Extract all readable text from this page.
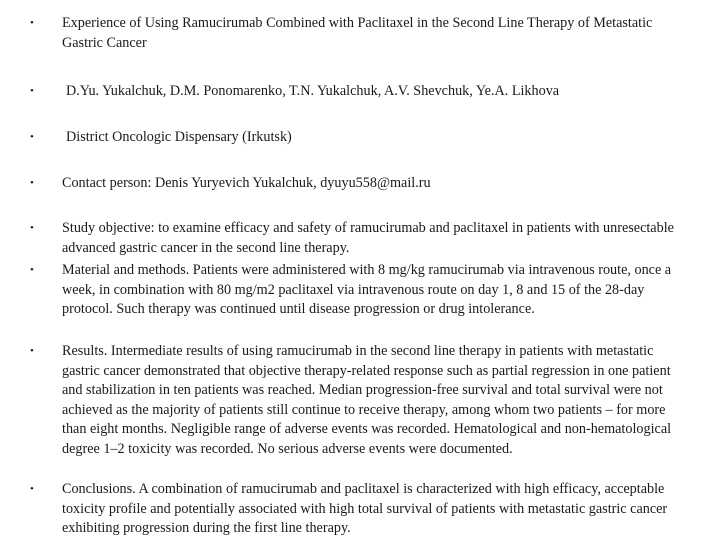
•	Experience of Using Ramucirumab Combined with Paclitaxel in the Second Line Therapy of Metastatic Gastric Cancer
•	D.Yu. Yukalchuk, D.M. Ponomarenko, T.N. Yukalchuk, A.V. Shevchuk, Ye.A. Likhova
•	District Oncologic Dispensary (Irkutsk)
•	Contact person: Denis Yuryevich Yukalchuk, dyuyu558@mail.ru
•	Study objective: to examine efficacy and safety of ramucirumab and paclitaxel in patients with unresectable advanced gastric cancer in the second line therapy.
•	Material and methods. Patients were administered with 8 mg/kg ramucirumab via intravenous route, once a week, in combination with 80 mg/m2 paclitaxel via intravenous route on day 1, 8 and 15 of the 28-day protocol. Such therapy was continued until disease progression or drug intolerance.
•	Results. Intermediate results of using ramucirumab in the second line therapy in patients with metastatic gastric cancer demonstrated that objective therapy-related response such as partial regression in one patient and stabilization in ten patients was reached. Median progression-free survival and total survival were not achieved as the majority of patients still continue to receive therapy, among whom two patients – for more than eight months. Negligible range of adverse events was recorded. Hematological and non-hematological degree 1–2 toxicity was recorded. No serious adverse events were documented.
•	Conclusions. A combination of ramucirumab and paclitaxel is characterized with high efficacy, acceptable toxicity profile and potentially associated with high total survival of patients with metastatic gastric cancer exhibiting progression during the first line therapy.
